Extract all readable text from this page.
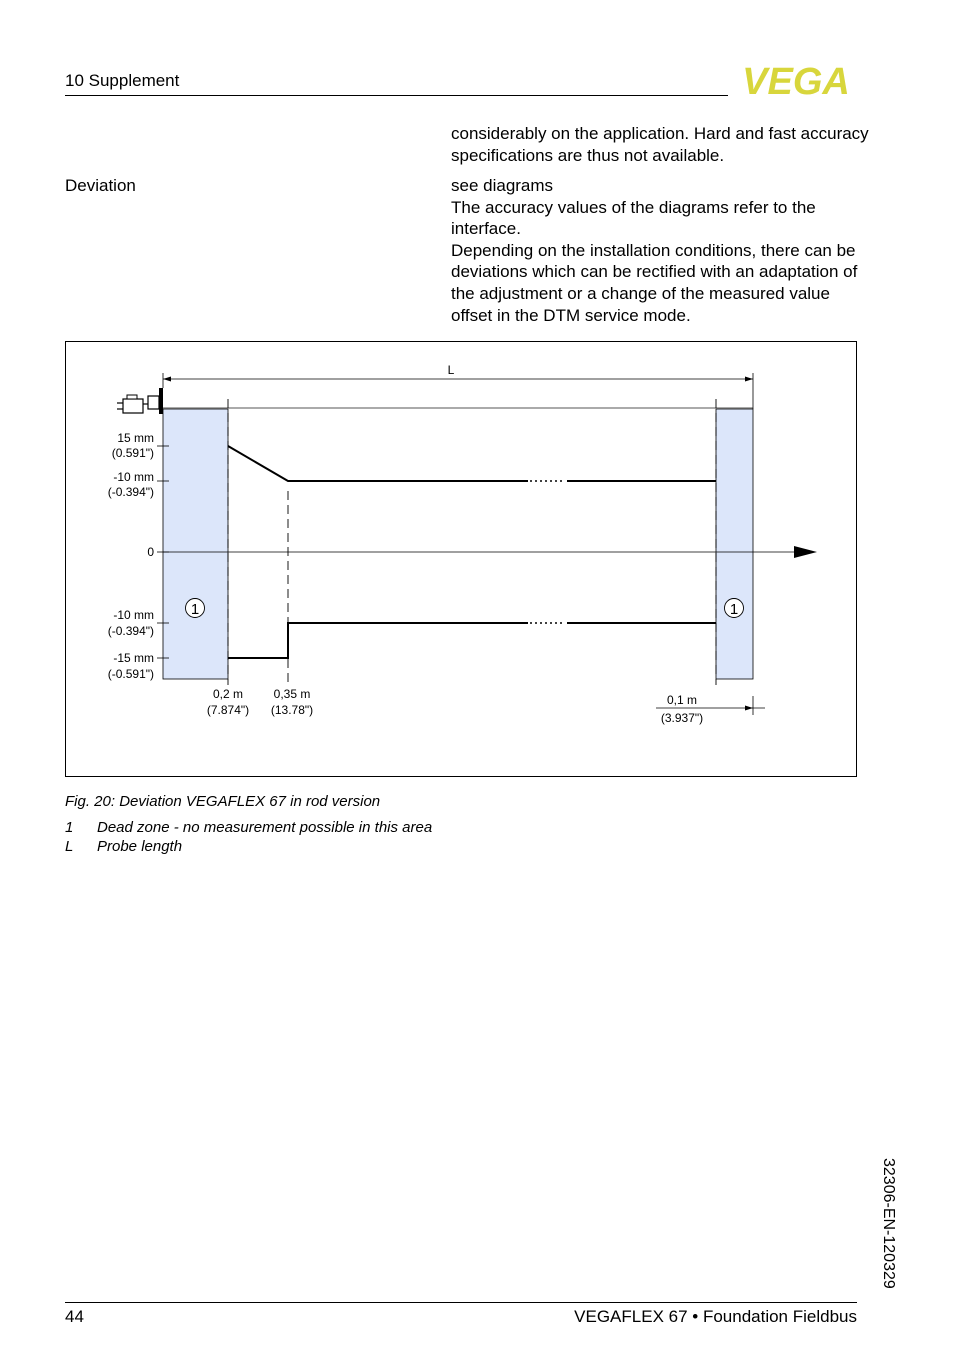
10 Supplement	VEGA
considerably on the application. Hard and fast accuracy specifications are thus not available.
Deviation	see diagrams

The accuracy values of the diagrams refer to the interface.

Depending on the installation conditions, there can be deviations which can be rectified with an adaptation of the adjustment or a change of the measured value offset in the DTM service mode.

L
15 mm
(0.591")
-10 mm
(-0.394")
0
-10 mm
(-0.394")
-15 mm
(-0.591")
1	1
0,2 m
(7.874")
0,35 m
(13.78")
0,1 m
(3.937")
Fig. 20: Deviation VEGAFLEX 67 in rod version
1 Dead zone - no measurement possible in this area
L Probe length
32306-EN-120329
44	VEGAFLEX 67 • Foundation Fieldbus
